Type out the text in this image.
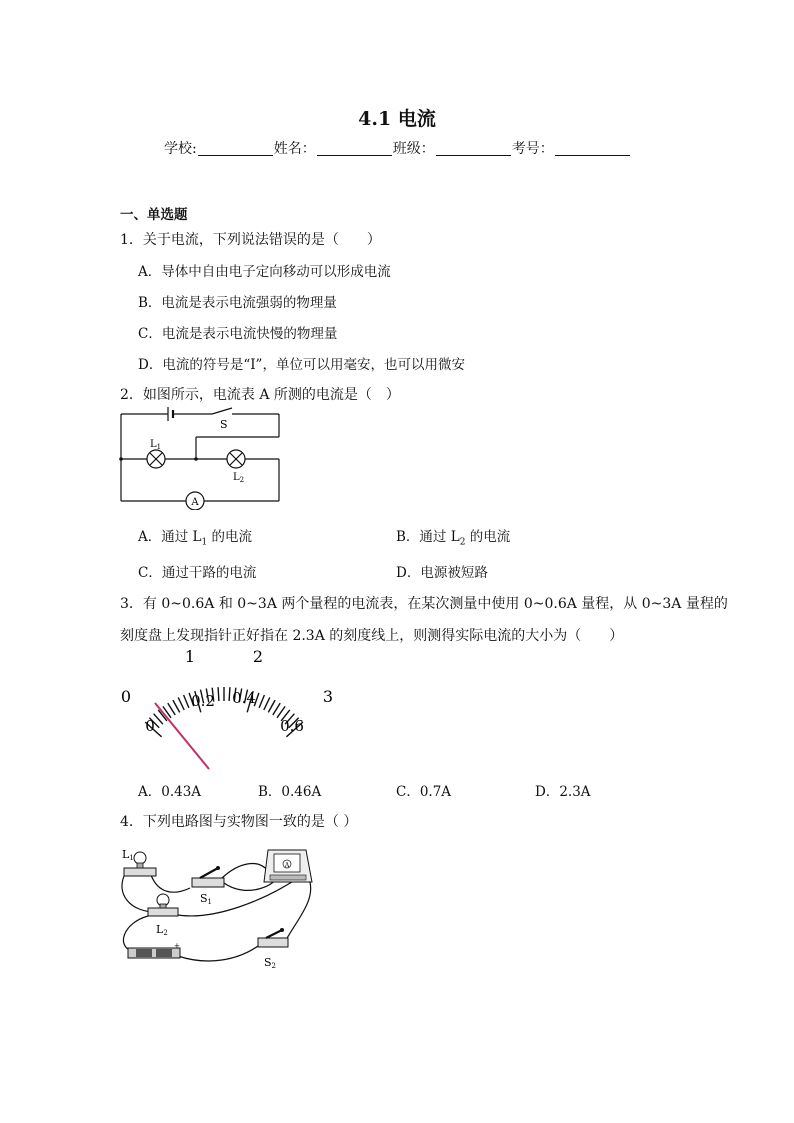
4.1 电流
学校:	姓名：	班级：	考号：
一、单选题
1．关于电流，下列说法错误的是（　　）
A．导体中自由电子定向移动可以形成电流
B．电流是表示电流强弱的物理量
C．电流是表示电流快慢的物理量
D．电流的符号是“I”，单位可以用毫安，也可以用微安
2．如图所示，电流表 A 所测的电流是（　）
S
$L_1$
$L_2$
A
A．通过 $L_1$ 的电流	B．通过 $L_2$ 的电流
C．通过干路的电流	D．电源被短路
3．有 0~0.6A 和 0~3A 两个量程的电流表，在某次测量中使用 0~0.6A 量程，从 0~3A 量程的
刻度盘上发现指针正好指在 2.3A 的刻度线上，则测得实际电流的大小为（　　）
0
1	2
3
0
0.2 0.4
0.6
A．0.43A	B．0.46A	C．0.7A	D．2.3A
4．下列电路图与实物图一致的是（ ）
L1
S1
A
L2
+
S2
